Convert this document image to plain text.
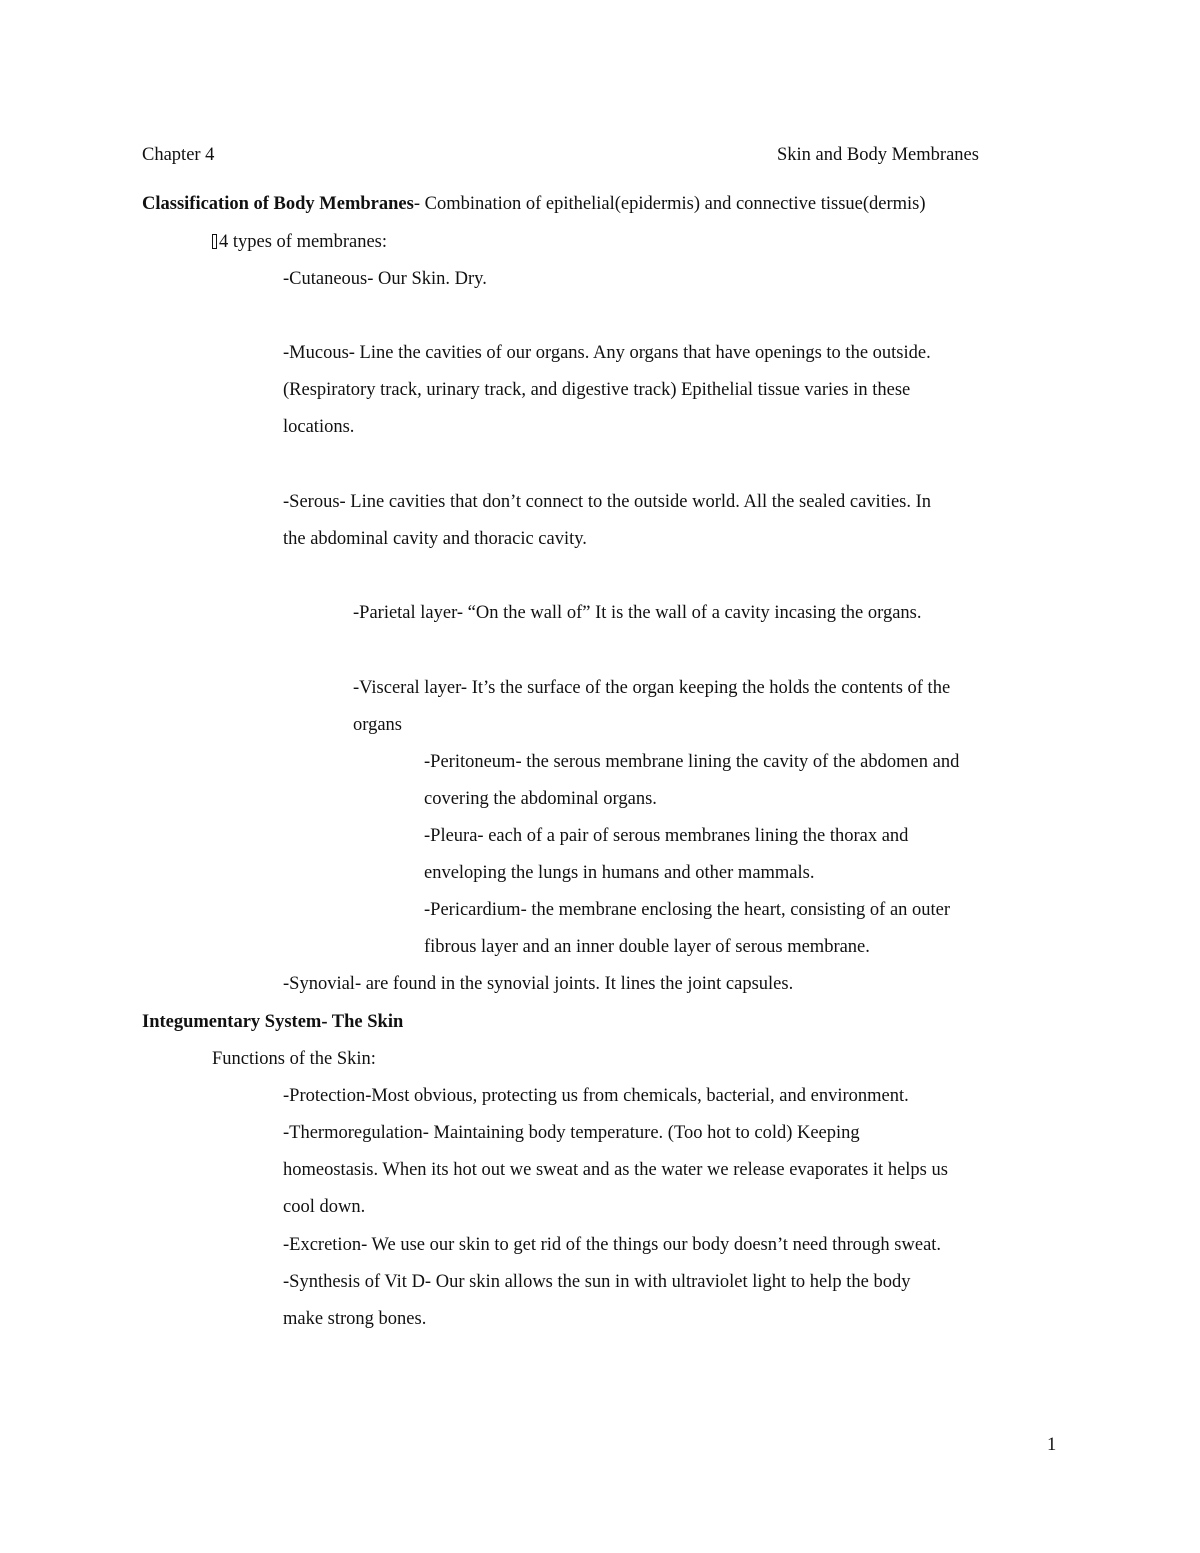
Chapter 4	Skin and Body Membranes
Classification of Body Membranes- Combination of epithelial(epidermis) and connective tissue(dermis)
4 types of membranes:
-Cutaneous- Our Skin. Dry.
-Mucous- Line the cavities of our organs. Any organs that have openings to the outside.
(Respiratory track, urinary track, and digestive track) Epithelial tissue varies in these
locations.
-Serous- Line cavities that don’t connect to the outside world. All the sealed cavities. In
the abdominal cavity and thoracic cavity.
-Parietal layer- “On the wall of” It is the wall of a cavity incasing the organs.
-Visceral layer- It’s the surface of the organ keeping the holds the contents of the
organs
-Peritoneum- the serous membrane lining the cavity of the abdomen and
covering the abdominal organs.
-Pleura- each of a pair of serous membranes lining the thorax and
enveloping the lungs in humans and other mammals.
-Pericardium- the membrane enclosing the heart, consisting of an outer
fibrous layer and an inner double layer of serous membrane.
-Synovial- are found in the synovial joints. It lines the joint capsules.
Integumentary System- The Skin
Functions of the Skin:
-Protection-Most obvious, protecting us from chemicals, bacterial, and environment.
-Thermoregulation- Maintaining body temperature. (Too hot to cold) Keeping
homeostasis. When its hot out we sweat and as the water we release evaporates it helps us
cool down.
-Excretion- We use our skin to get rid of the things our body doesn’t need through sweat.
-Synthesis of Vit D- Our skin allows the sun in with ultraviolet light to help the body
make strong bones.
1
